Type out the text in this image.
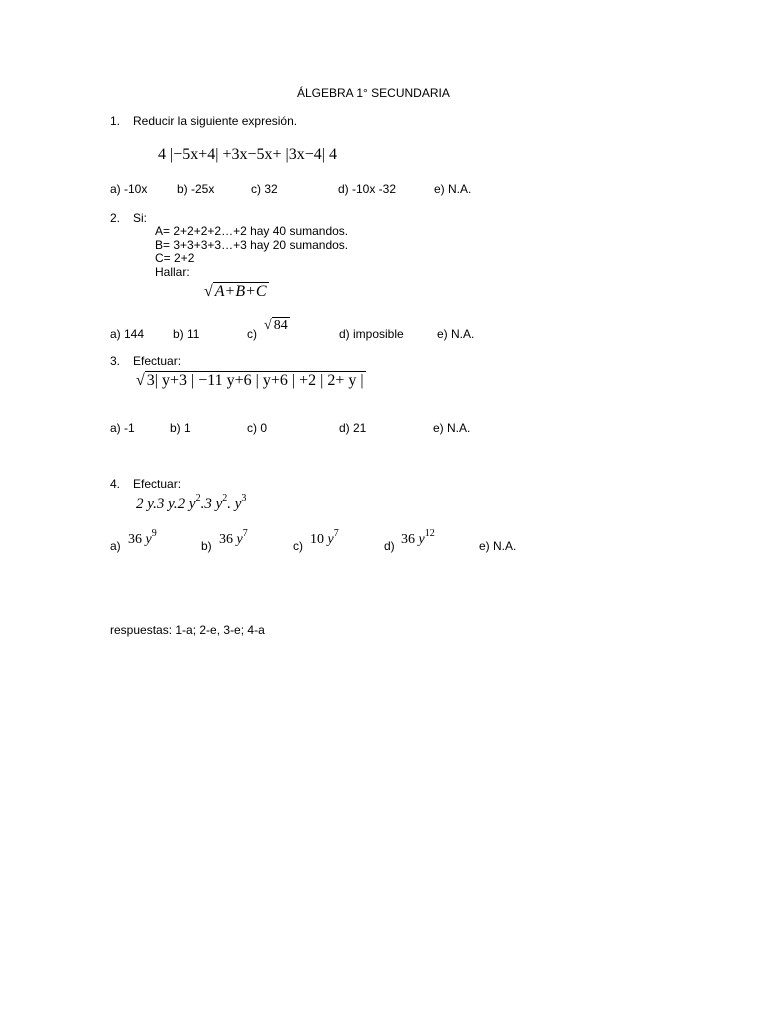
ÁLGEBRA 1° SECUNDARIA
1. Reducir la siguiente expresión.
4 |−5x+4| +3x−5x+ |3x−4| 4
a) -10x b) -25x	c) 32	d) -10x -32	e) N.A.
2. Si:
A= 2+2+2+2…+2 hay 40 sumandos.
B= 3+3+3+3…+3 hay 20 sumandos.
C= 2+2
Hallar:
√ A+B+C
a) 144 b) 11	c)
√ 84
d) imposible	e) N.A.
3. Efectuar:
√ 3| y+3 | −11 y+6 | y+6 | +2 | 2+ y |
a) -1	b) 1	c) 0	d) 21	e) N.A.
4. Efectuar:
2 y.3 y.2 $y^2.3$ $y^2$. $y^3$
a) 36 $y^9$
b) 36 $y^7$
c) 10 $y^7$
d) 36 $y^{12}$
e) N.A.
respuestas: 1-a; 2-e, 3-e; 4-a
